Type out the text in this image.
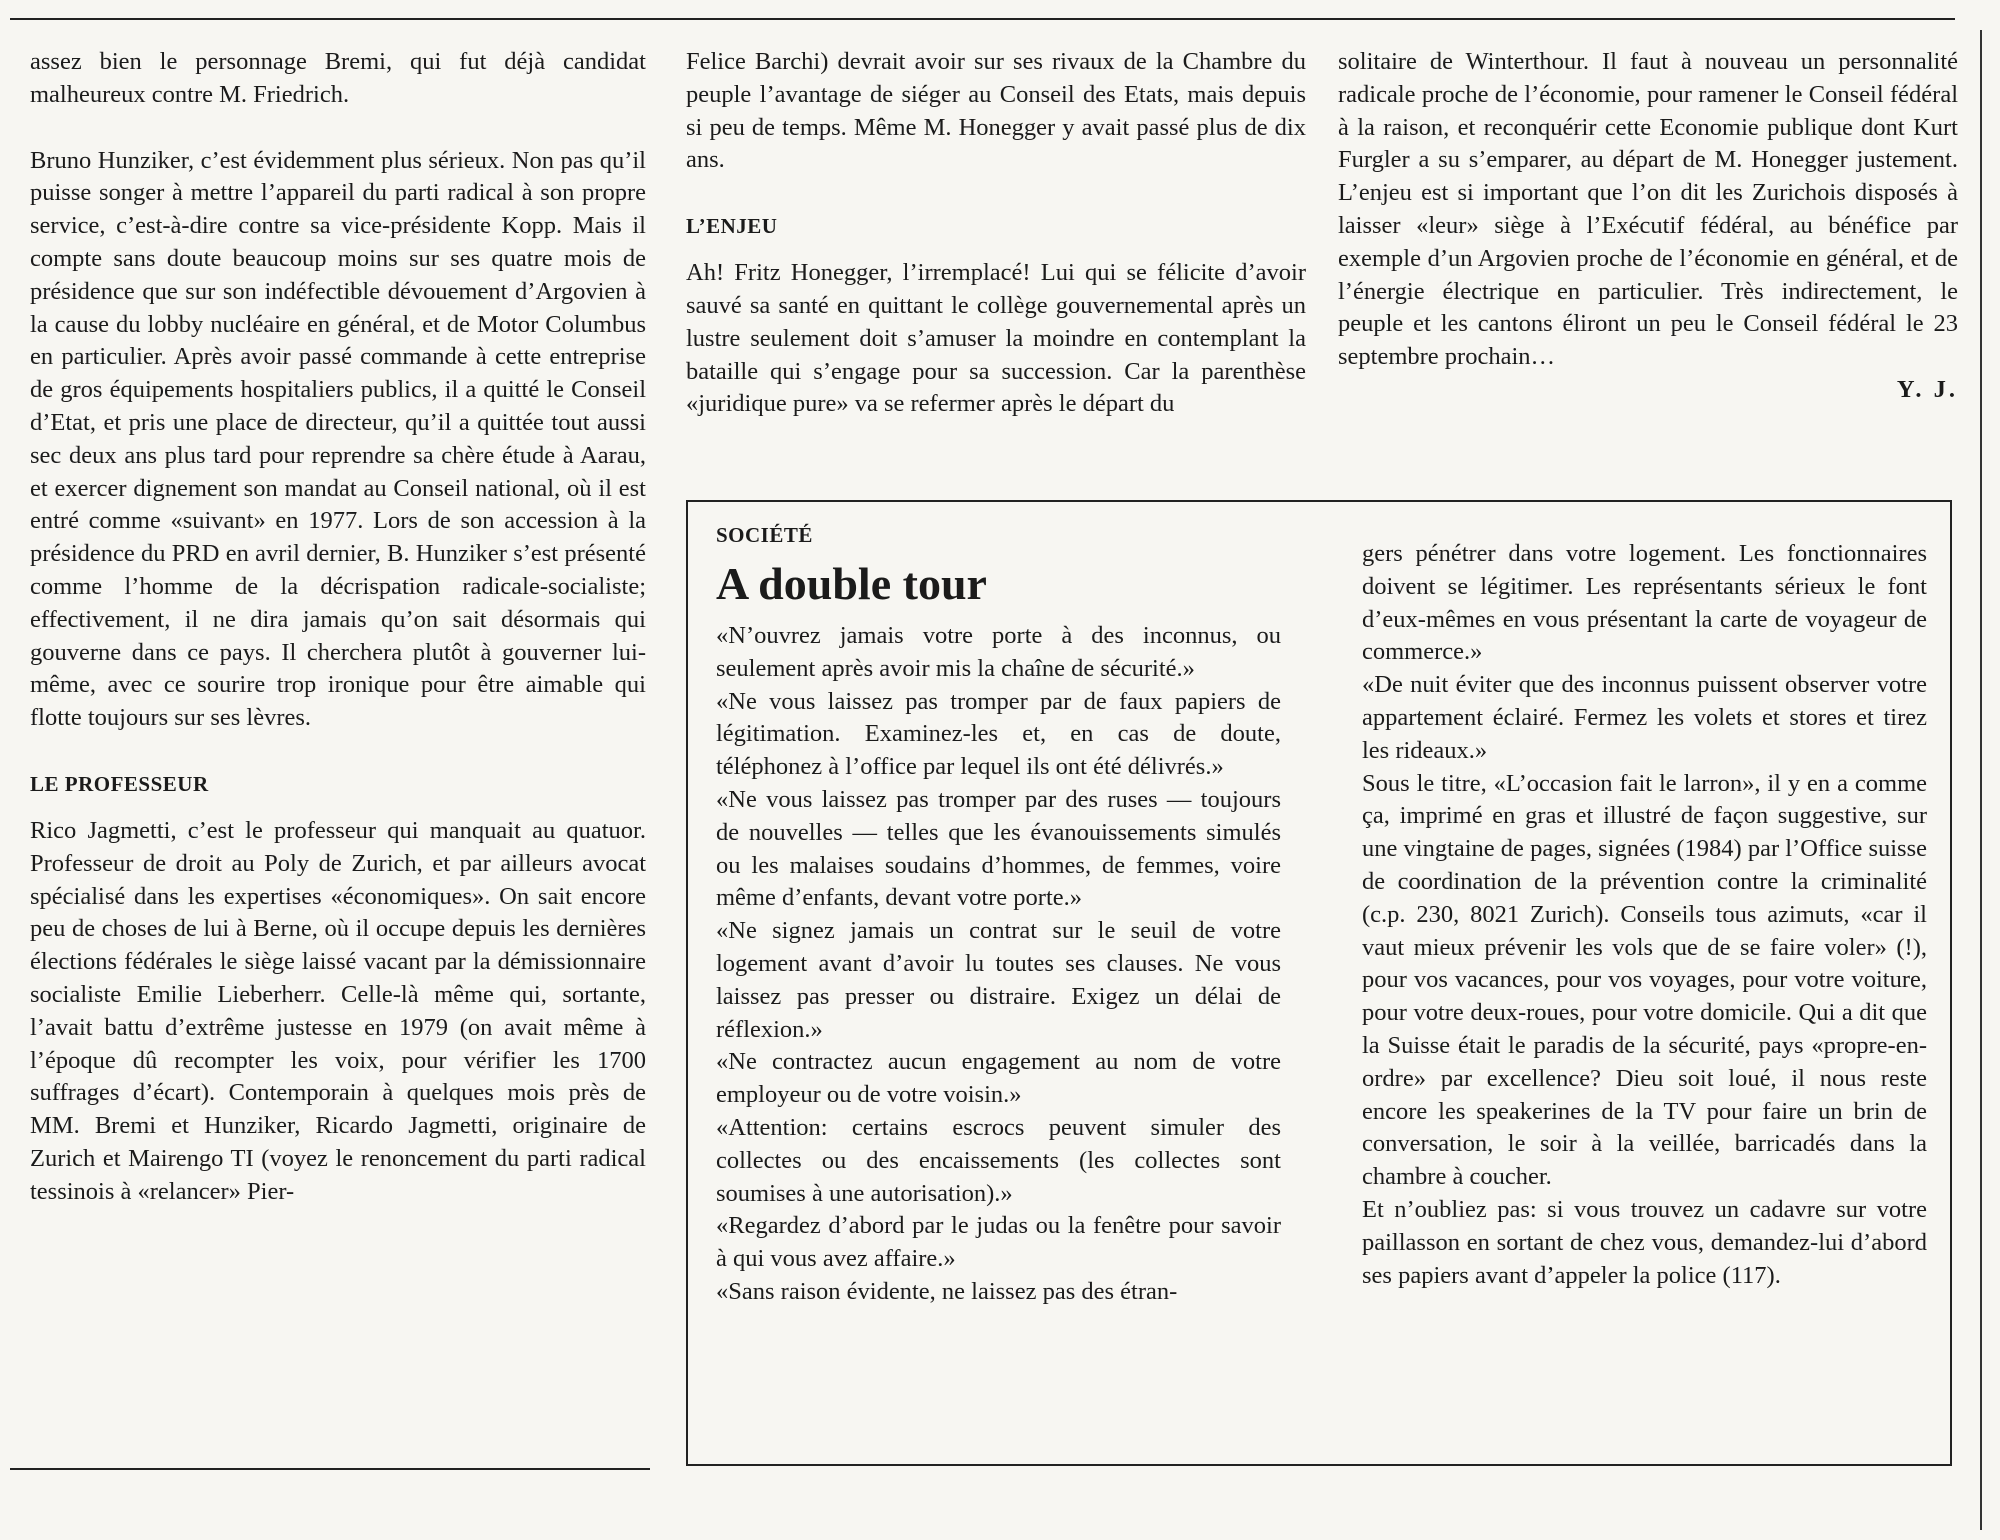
assez bien le personnage Bremi, qui fut déjà candidat malheureux contre M. Friedrich.

Bruno Hunziker, c’est évidemment plus sérieux. Non pas qu’il puisse songer à mettre l’appareil du parti radical à son propre service, c’est-à-dire contre sa vice-présidente Kopp. Mais il compte sans doute beaucoup moins sur ses quatre mois de présidence que sur son indéfectible dévouement d’Argovien à la cause du lobby nucléaire en général, et de Motor Columbus en particulier. Après avoir passé commande à cette entreprise de gros équipements hospitaliers publics, il a quitté le Conseil d’Etat, et pris une place de directeur, qu’il a quittée tout aussi sec deux ans plus tard pour reprendre sa chère étude à Aarau, et exercer dignement son mandat au Conseil national, où il est entré comme «suivant» en 1977. Lors de son accession à la présidence du PRD en avril dernier, B. Hunziker s’est présenté comme l’homme de la décrispation radicale-socialiste; effectivement, il ne dira jamais qu’on sait désormais qui gouverne dans ce pays. Il cherchera plutôt à gouverner lui-même, avec ce sourire trop ironique pour être aimable qui flotte toujours sur ses lèvres.

LE PROFESSEUR

Rico Jagmetti, c’est le professeur qui manquait au quatuor. Professeur de droit au Poly de Zurich, et par ailleurs avocat spécialisé dans les expertises «économiques». On sait encore peu de choses de lui à Berne, où il occupe depuis les dernières élections fédérales le siège laissé vacant par la démissionnaire socialiste Emilie Lieberherr. Celle-là même qui, sortante, l’avait battu d’extrême justesse en 1979 (on avait même à l’époque dû recompter les voix, pour vérifier les 1700 suffrages d’écart). Contemporain à quelques mois près de MM. Bremi et Hunziker, Ricardo Jagmetti, originaire de Zurich et Mairengo TI (voyez le renoncement du parti radical tessinois à «relancer» Pier-

Felice Barchi) devrait avoir sur ses rivaux de la Chambre du peuple l’avantage de siéger au Conseil des Etats, mais depuis si peu de temps. Même M. Honegger y avait passé plus de dix ans.

L’ENJEU

Ah! Fritz Honegger, l’irremplacé! Lui qui se félicite d’avoir sauvé sa santé en quittant le collège gouvernemental après un lustre seulement doit s’amuser la moindre en contemplant la bataille qui s’engage pour sa succession. Car la parenthèse «juridique pure» va se refermer après le départ du

solitaire de Winterthour. Il faut à nouveau un personnalité radicale proche de l’économie, pour ramener le Conseil fédéral à la raison, et reconquérir cette Economie publique dont Kurt Furgler a su s’emparer, au départ de M. Honegger justement. L’enjeu est si important que l’on dit les Zurichois disposés à laisser «leur» siège à l’Exécutif fédéral, au bénéfice par exemple d’un Argovien proche de l’économie en général, et de l’énergie électrique en particulier. Très indirectement, le peuple et les cantons éliront un peu le Conseil fédéral le 23 septembre prochain…

Y. J.

SOCIÉTÉ
A double tour

«N’ouvrez jamais votre porte à des inconnus, ou seulement après avoir mis la chaîne de sécurité.»

«Ne vous laissez pas tromper par de faux papiers de légitimation. Examinez-les et, en cas de doute, téléphonez à l’office par lequel ils ont été délivrés.»

«Ne vous laissez pas tromper par des ruses — toujours de nouvelles — telles que les évanouissements simulés ou les malaises soudains d’hommes, de femmes, voire même d’enfants, devant votre porte.»

«Ne signez jamais un contrat sur le seuil de votre logement avant d’avoir lu toutes ses clauses. Ne vous laissez pas presser ou distraire. Exigez un délai de réflexion.»

«Ne contractez aucun engagement au nom de votre employeur ou de votre voisin.»

«Attention: certains escrocs peuvent simuler des collectes ou des encaissements (les collectes sont soumises à une autorisation).»

«Regardez d’abord par le judas ou la fenêtre pour savoir à qui vous avez affaire.»

«Sans raison évidente, ne laissez pas des étran-

gers pénétrer dans votre logement. Les fonctionnaires doivent se légitimer. Les représentants sérieux le font d’eux-mêmes en vous présentant la carte de voyageur de commerce.»

«De nuit éviter que des inconnus puissent observer votre appartement éclairé. Fermez les volets et stores et tirez les rideaux.»

Sous le titre, «L’occasion fait le larron», il y en a comme ça, imprimé en gras et illustré de façon suggestive, sur une vingtaine de pages, signées (1984) par l’Office suisse de coordination de la prévention contre la criminalité (c.p. 230, 8021 Zurich). Conseils tous azimuts, «car il vaut mieux prévenir les vols que de se faire voler» (!), pour vos vacances, pour vos voyages, pour votre voiture, pour votre deux-roues, pour votre domicile. Qui a dit que la Suisse était le paradis de la sécurité, pays «propre-en-ordre» par excellence? Dieu soit loué, il nous reste encore les speakerines de la TV pour faire un brin de conversation, le soir à la veillée, barricadés dans la chambre à coucher.

Et n’oubliez pas: si vous trouvez un cadavre sur votre paillasson en sortant de chez vous, demandez-lui d’abord ses papiers avant d’appeler la police (117).
